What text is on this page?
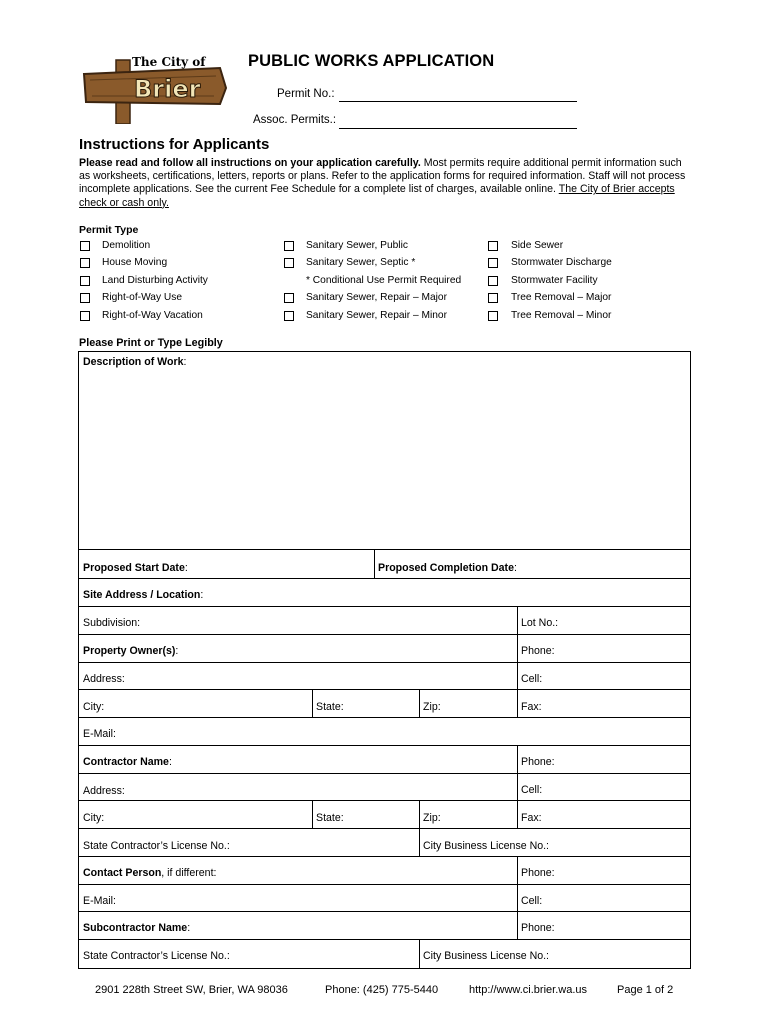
The City of
Brier
PUBLIC WORKS APPLICATION
Permit No.:
Assoc. Permits.:
Instructions for Applicants
Please read and follow all instructions on your application carefully. Most permits require additional permit information such as worksheets, certifications, letters, reports or plans. Refer to the application forms for required information. Staff will not process incomplete applications. See the current Fee Schedule for a complete list of charges, available online. The City of Brier accepts check or cash only.
Permit Type
Demolition
House Moving
Land Disturbing Activity
Right-of-Way Use
Right-of-Way Vacation
Sanitary Sewer, Public
Sanitary Sewer, Septic *
* Conditional Use Permit Required
Sanitary Sewer, Repair – Major
Sanitary Sewer, Repair – Minor
Side Sewer
Stormwater Discharge
Stormwater Facility
Tree Removal – Major
Tree Removal – Minor
Please Print or Type Legibly
Description of Work:
Proposed Start Date:	Proposed Completion Date:
Site Address / Location:
Subdivision:	Lot No.:
Property Owner(s):	Phone:
Address:	Cell:
City:	State:	Zip:	Fax:
E-Mail:
Contractor Name:	Phone:
Address:	Cell:
City:	State:	Zip:	Fax:
State Contractor’s License No.:	City Business License No.:
Contact Person, if different:	Phone:
E-Mail:	Cell:
Subcontractor Name:	Phone:
State Contractor’s License No.:	City Business License No.:
2901 228th Street SW, Brier, WA 98036	Phone: (425) 775-5440	http://www.ci.brier.wa.us	Page 1 of 2
